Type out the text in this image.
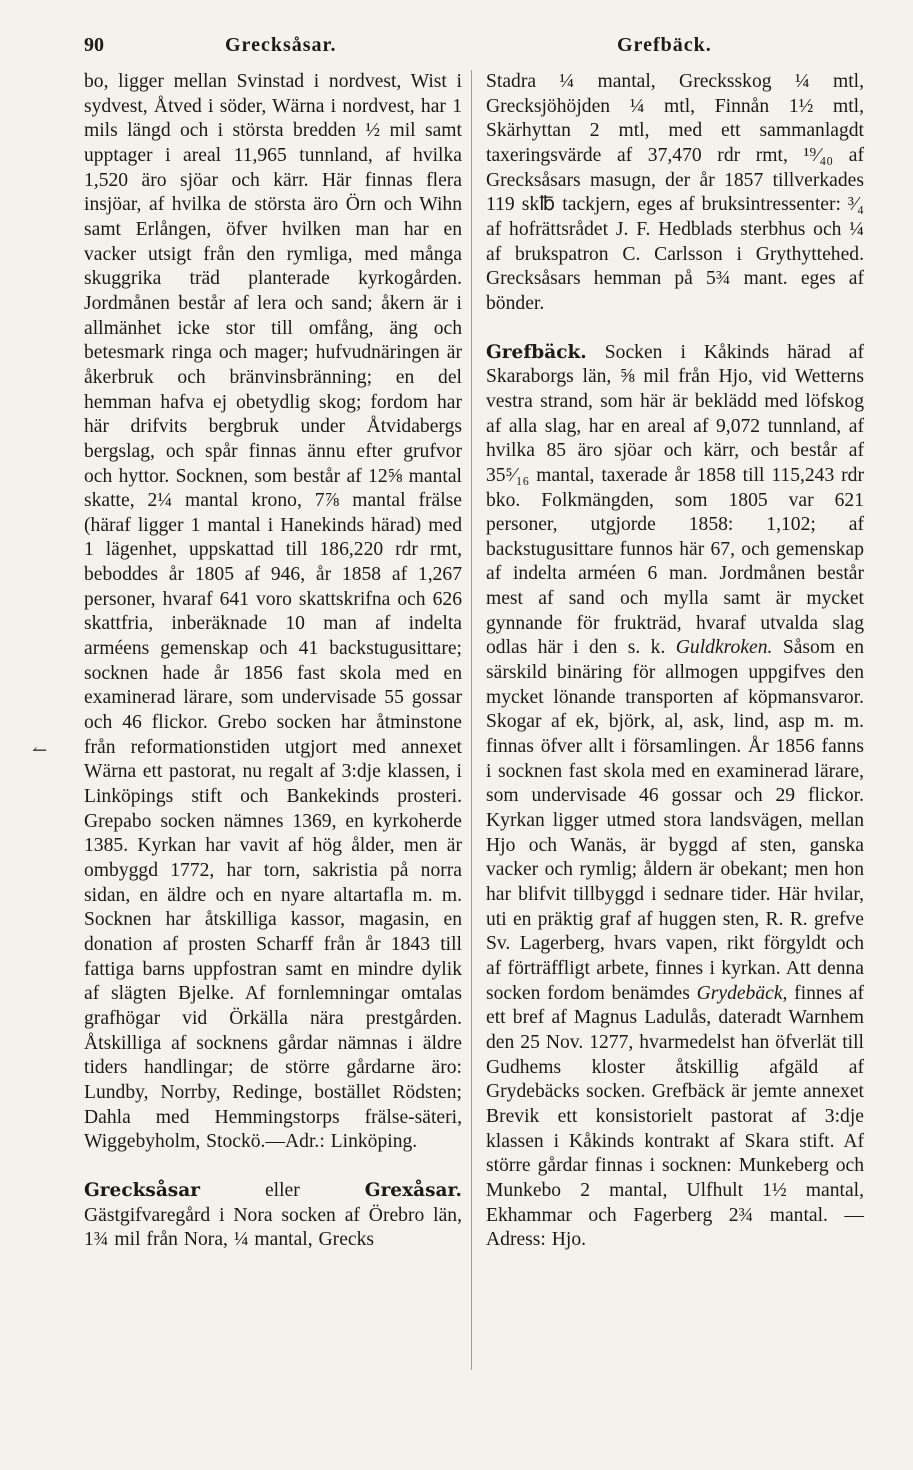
90	Grecksåsar.	Grefbäck.
↼

bo, ligger mellan Svinstad i nordvest, Wist i sydvest, Åtved i söder, Wärna i nordvest, har 1 mils längd och i största bredden ½ mil samt upptager i areal 11,965 tunnland, af hvilka 1,520 äro sjöar och kärr. Här finnas flera insjöar, af hvilka de största äro Örn och Wihn samt Erlången, öfver hvilken man har en vacker utsigt från den rymliga, med många skuggrika träd planterade kyrkogården. Jordmånen består af lera och sand; åkern är i allmänhet icke stor till omfång, äng och betesmark ringa och mager; hufvudnäringen är åkerbruk och bränvinsbränning; en del hemman hafva ej obetydlig skog; fordom har här drifvits bergbruk under Åtvidabergs bergslag, och spår finnas ännu efter grufvor och hyttor. Socknen, som består af 12⅝ mantal skatte, 2¼ mantal krono, 7⅞ mantal frälse (häraf ligger 1 mantal i Hanekinds härad) med 1 lägenhet, uppskattad till 186,220 rdr rmt, beboddes år 1805 af 946, år 1858 af 1,267 personer, hvaraf 641 voro skattskrifna och 626 skattfria, inberäknade 10 man af indelta arméens gemenskap och 41 backstugusittare; socknen hade år 1856 fast skola med en examinerad lärare, som undervisade 55 gossar och 46 flickor. Grebo socken har åtminstone från reformationstiden utgjort med annexet Wärna ett pastorat, nu regalt af 3:dje klassen, i Linköpings stift och Bankekinds prosteri. Grepabo socken nämnes 1369, en kyrkoherde 1385. Kyrkan har vavit af hög ålder, men är ombyggd 1772, har torn, sakristia på norra sidan, en äldre och en nyare altartafla m. m. Socknen har åtskilliga kassor, magasin, en donation af prosten Scharff från år 1843 till fattiga barns uppfostran samt en mindre dylik af slägten Bjelke. Af fornlemningar omtalas grafhögar vid Örkälla nära prestgården. Åtskilliga af socknens gårdar nämnas i äldre tiders handlingar; de större gårdarne äro: Lundby, Norrby, Redinge, bostället Rödsten; Dahla med Hemmingstorps frälse-säteri, Wiggebyholm, Stockö.—Adr.: Linköping.

Grecksåsar eller Grexåsar. Gästgifvaregård i Nora socken af Örebro län, 1¾ mil från Nora, ¼ mantal, Grecks

Stadra ¼ mantal, Grecksskog ¼ mtl, Grecksjöhöjden ¼ mtl, Finnån 1½ mtl, Skärhyttan 2 mtl, med ett sammanlagdt taxeringsvärde af 37,470 rdr rmt, ¹⁹⁄₄₀ af Grecksåsars masugn, der år 1857 tillverkades 119 sk℔ tackjern, eges af bruksintressenter: ³⁄₄ af hofrättsrådet J. F. Hedblads sterbhus och ¼ af brukspatron C. Carlsson i Grythyttehed. Grecksåsars hemman på 5¾ mant. eges af bönder.

Grefbäck. Socken i Kåkinds härad af Skaraborgs län, ⅝ mil från Hjo, vid Wetterns vestra strand, som här är beklädd med löfskog af alla slag, har en areal af 9,072 tunnland, af hvilka 85 äro sjöar och kärr, och består af 35⁵⁄₁₆ mantal, taxerade år 1858 till 115,243 rdr bko. Folkmängden, som 1805 var 621 personer, utgjorde 1858: 1,102; af backstugusittare funnos här 67, och gemenskap af indelta arméen 6 man. Jordmånen består mest af sand och mylla samt är mycket gynnande för frukträd, hvaraf utvalda slag odlas här i den s. k. Guldkroken. Såsom en särskild binäring för allmogen uppgifves den mycket lönande transporten af köpmansvaror. Skogar af ek, björk, al, ask, lind, asp m. m. finnas öfver allt i församlingen. År 1856 fanns i socknen fast skola med en examinerad lärare, som undervisade 46 gossar och 29 flickor. Kyrkan ligger utmed stora landsvägen, mellan Hjo och Wanäs, är byggd af sten, ganska vacker och rymlig; åldern är obekant; men hon har blifvit tillbyggd i sednare tider. Här hvilar, uti en präktig graf af huggen sten, R. R. grefve Sv. Lagerberg, hvars vapen, rikt förgyldt och af förträffligt arbete, finnes i kyrkan. Att denna socken fordom benämdes Grydebäck, finnes af ett bref af Magnus Ladulås, dateradt Warnhem den 25 Nov. 1277, hvarmedelst han öfverlät till Gudhems kloster åtskillig afgäld af Grydebäcks socken. Grefbäck är jemte annexet Brevik ett konsistorielt pastorat af 3:dje klassen i Kåkinds kontrakt af Skara stift. Af större gårdar finnas i socknen: Munkeberg och Munkebo 2 mantal, Ulfhult 1½ mantal, Ekhammar och Fagerberg 2¾ mantal. — Adress: Hjo.
